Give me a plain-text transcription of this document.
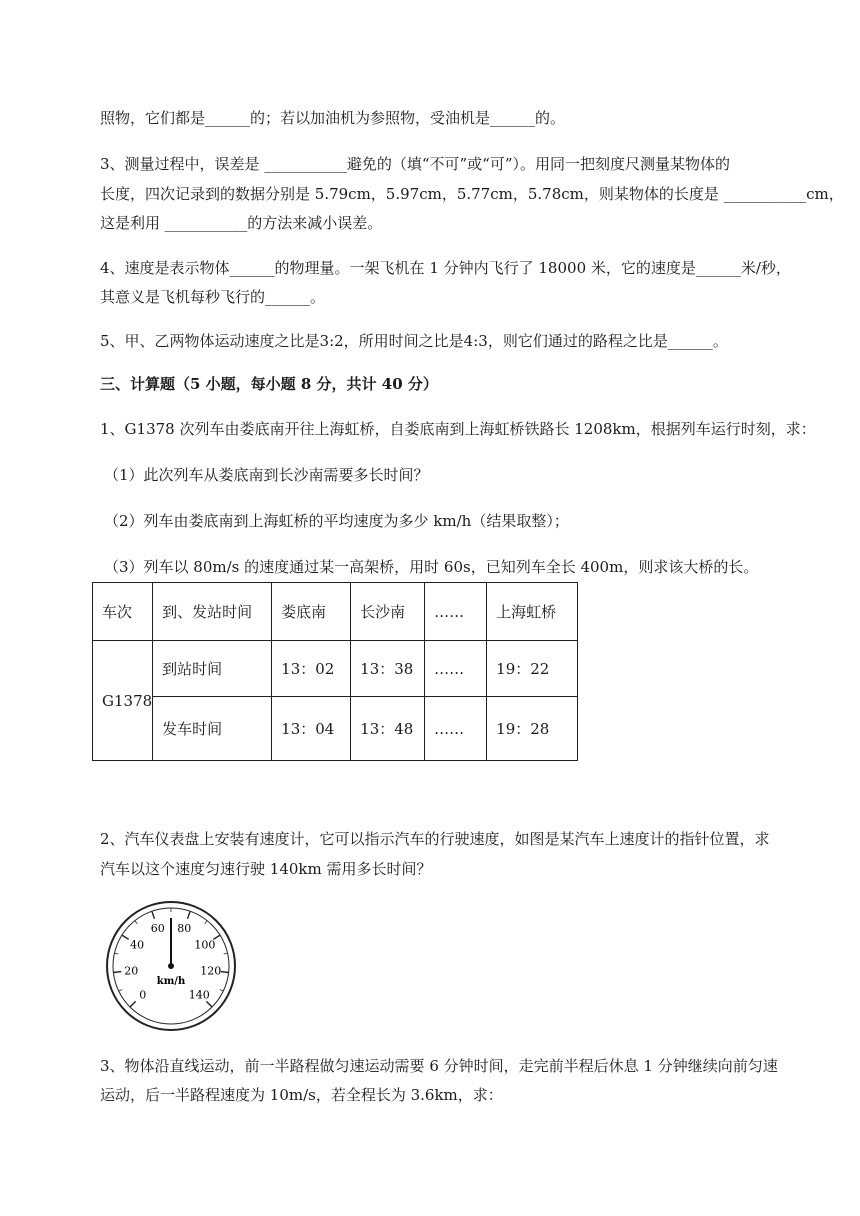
照物，它们都是______的；若以加油机为参照物，受油机是______的。
3、测量过程中，误差是 ___________避免的（填“不可”或“可”）。用同一把刻度尺测量某物体的
长度，四次记录到的数据分别是 5.79cm，5.97cm，5.77cm，5.78cm，则某物体的长度是 ___________cm，
这是利用 ___________的方法来减小误差。
4、速度是表示物体______的物理量。一架飞机在 1 分钟内飞行了 18000 米，它的速度是______米/秒，
其意义是飞机每秒飞行的______。
5、甲、乙两物体运动速度之比是3:2，所用时间之比是4:3，则它们通过的路程之比是______。
三、计算题（5 小题，每小题 8 分，共计 40 分）
1、G1378 次列车由娄底南开往上海虹桥，自娄底南到上海虹桥铁路长 1208km，根据列车运行时刻，求：
（1）此次列车从娄底南到长沙南需要多长时间？
（2）列车由娄底南到上海虹桥的平均速度为多少 km/h（结果取整）；
（3）列车以 80m/s 的速度通过某一高架桥，用时 60s，已知列车全长 400m，则求该大桥的长。
车次	到、发站时间	娄底南	长沙南	……	上海虹桥
G1378	到站时间	13：02	13：38	……	19：22
	发车时间	13：04	13：48	……	19：28
2、汽车仪表盘上安装有速度计，它可以指示汽车的行驶速度，如图是某汽车上速度计的指针位置，求
汽车以这个速度匀速行驶 140km 需用多长时间？
0
20
40
60 80
100
120
140
km/h
3、物体沿直线运动，前一半路程做匀速运动需要 6 分钟时间，走完前半程后休息 1 分钟继续向前匀速
运动，后一半路程速度为 10m/s，若全程长为 3.6km，求：
